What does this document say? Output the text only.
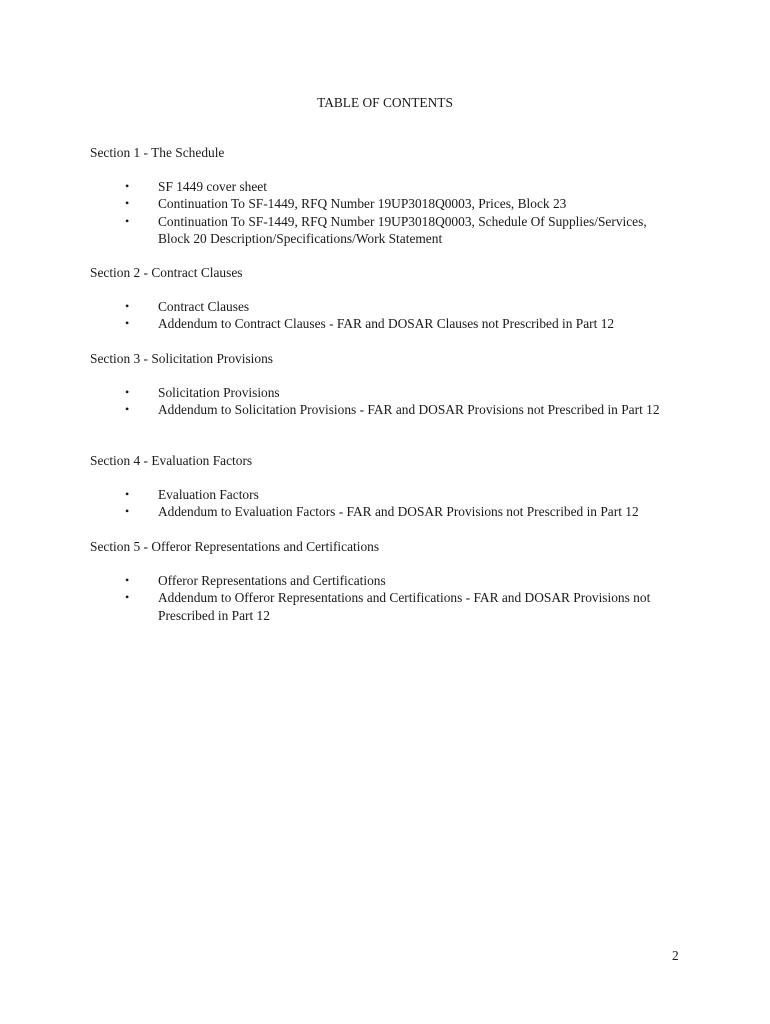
TABLE OF CONTENTS

Section 1 - The Schedule

• SF 1449 cover sheet
• Continuation To SF-1449, RFQ Number 19UP3018Q0003, Prices, Block 23
• Continuation To SF-1449, RFQ Number 19UP3018Q0003, Schedule Of Supplies/Services, Block 20 Description/Specifications/Work Statement

Section 2 - Contract Clauses

• Contract Clauses
• Addendum to Contract Clauses - FAR and DOSAR Clauses not Prescribed in Part 12

Section 3 - Solicitation Provisions

• Solicitation Provisions
• Addendum to Solicitation Provisions - FAR and DOSAR Provisions not Prescribed in Part 12

Section 4 - Evaluation Factors

• Evaluation Factors
• Addendum to Evaluation Factors - FAR and DOSAR Provisions not Prescribed in Part 12

Section 5 - Offeror Representations and Certifications

• Offeror Representations and Certifications
• Addendum to Offeror Representations and Certifications - FAR and DOSAR Provisions not Prescribed in Part 12
2
